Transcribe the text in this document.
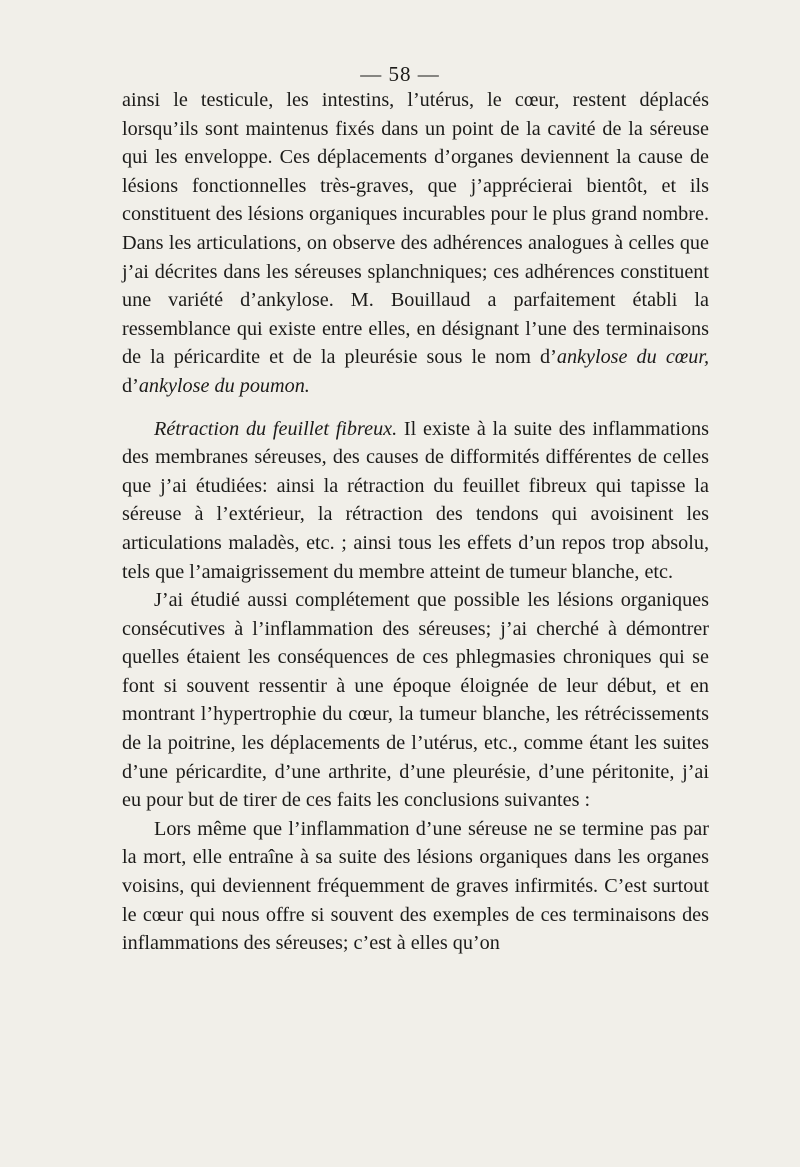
— 58 —

ainsi le testicule, les intestins, l’utérus, le cœur, restent déplacés lorsqu’ils sont maintenus fixés dans un point de la cavité de la séreuse qui les enveloppe. Ces déplacements d’organes deviennent la cause de lésions fonctionnelles très-graves, que j’apprécierai bientôt, et ils constituent des lésions organiques incurables pour le plus grand nombre. Dans les articulations, on observe des adhérences analogues à celles que j’ai décrites dans les séreuses splanchniques; ces adhérences constituent une variété d’ankylose. M. Bouillaud a parfaitement établi la ressemblance qui existe entre elles, en désignant l’une des terminaisons de la péricardite et de la pleurésie sous le nom d’ankylose du cœur, d’ankylose du poumon.

Rétraction du feuillet fibreux. Il existe à la suite des inflammations des membranes séreuses, des causes de difformités différentes de celles que j’ai étudiées: ainsi la rétraction du feuillet fibreux qui tapisse la séreuse à l’extérieur, la rétraction des tendons qui avoisinent les articulations maladès, etc. ; ainsi tous les effets d’un repos trop absolu, tels que l’amaigrissement du membre atteint de tumeur blanche, etc.

J’ai étudié aussi complétement que possible les lésions organiques consécutives à l’inflammation des séreuses; j’ai cherché à démontrer quelles étaient les conséquences de ces phlegmasies chroniques qui se font si souvent ressentir à une époque éloignée de leur début, et en montrant l’hypertrophie du cœur, la tumeur blanche, les rétrécissements de la poitrine, les déplacements de l’utérus, etc., comme étant les suites d’une péricardite, d’une arthrite, d’une pleurésie, d’une péritonite, j’ai eu pour but de tirer de ces faits les conclusions suivantes :

Lors même que l’inflammation d’une séreuse ne se termine pas par la mort, elle entraîne à sa suite des lésions organiques dans les organes voisins, qui deviennent fréquemment de graves infirmités. C’est surtout le cœur qui nous offre si souvent des exemples de ces terminaisons des inflammations des séreuses; c’est à elles qu’on
